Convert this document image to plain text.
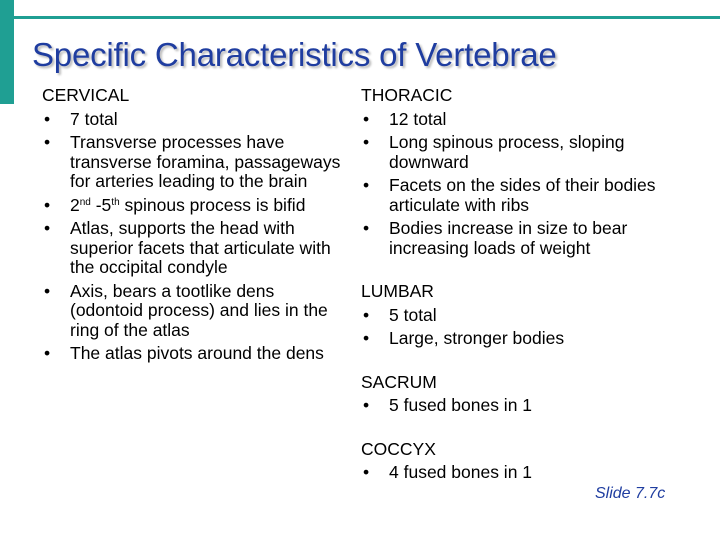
Specific Characteristics of Vertebrae
CERVICAL
• 7 total
• Transverse processes have transverse foramina, passageways for arteries leading to the brain
• 2nd -5th spinous process is bifid
• Atlas, supports the head with superior facets that articulate with the occipital condyle
• Axis, bears a tootlike dens (odontoid process) and lies in the ring of the atlas
• The atlas pivots around the dens
THORACIC
• 12 total
• Long spinous process, sloping downward
• Facets on the sides of their bodies articulate with ribs
• Bodies increase in size to bear increasing loads of weight
LUMBAR
• 5 total
• Large, stronger bodies
SACRUM
• 5 fused bones in 1
COCCYX
• 4 fused bones in 1
Slide 7.7c
